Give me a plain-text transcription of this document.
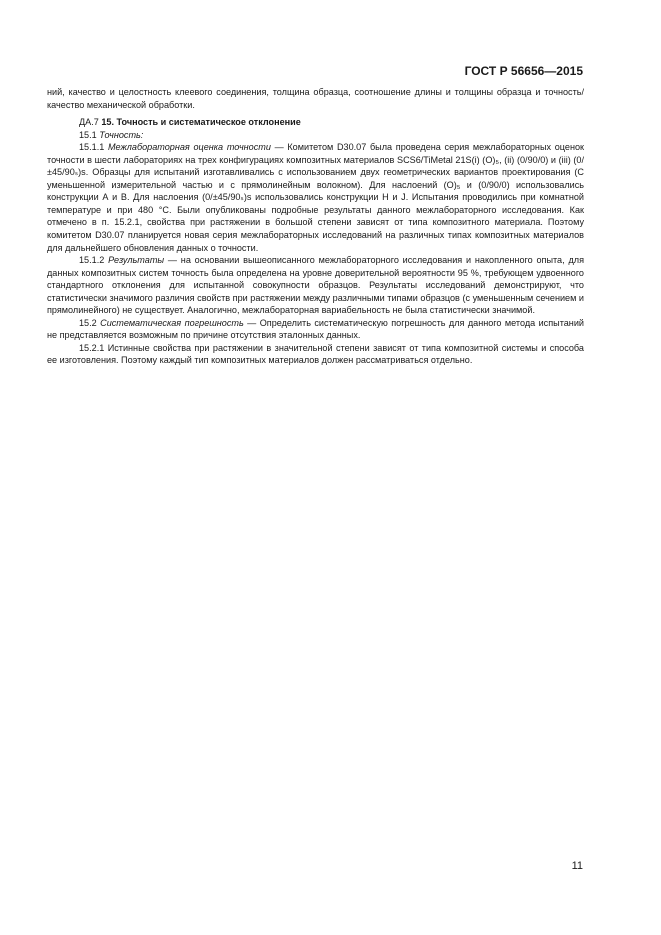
ГОСТ Р 56656—2015

ний, качество и целостность клеевого соединения, толщина образца, соотношение длины и толщины образца и точность/качество механической обработки.

ДА.7 15. Точность и систематическое отклонение

15.1 Точность:

15.1.1 Межлабораторная оценка точности — Комитетом D30.07 была проведена серия межлабораторных оценок точности в шести лабораториях на трех конфигурациях композитных материалов SCS6/TiMetal 21S(i) (O)₅, (ii) (0/90/0) и (iii) (0/±45/90ₛ)s. Образцы для испытаний изготавливались с использованием двух геометрических вариантов проектирования (С уменьшенной измерительной частью и с прямолинейным волокном). Для наслоений (O)₅ и (0/90/0) использовались конструкции А и В. Для наслоения (0/±45/90ₛ)s использовались конструкции Н и J. Испытания проводились при комнатной температуре и при 480 °C. Были опубликованы подробные результаты данного межлабораторного исследования. Как отмечено в п. 15.2.1, свойства при растяжении в большой степени зависят от типа композитного материала. Поэтому комитетом D30.07 планируется новая серия межлабораторных исследований на различных типах композитных материалов для дальнейшего обновления данных о точности.

15.1.2 Результаты — на основании вышеописанного межлабораторного исследования и накопленного опыта, для данных композитных систем точность была определена на уровне доверительной вероятности 95 %, требующем удвоенного стандартного отклонения для испытанной совокупности образцов. Результаты исследований демонстрируют, что статистически значимого различия свойств при растяжении между различными типами образцов (с уменьшенным сечением и прямолинейного) не существует. Аналогично, межлабораторная вариабельность не была статистически значимой.

15.2 Систематическая погрешность — Определить систематическую погрешность для данного метода испытаний не представляется возможным по причине отсутствия эталонных данных.

15.2.1 Истинные свойства при растяжении в значительной степени зависят от типа композитной системы и способа ее изготовления. Поэтому каждый тип композитных материалов должен рассматриваться отдельно.

11
